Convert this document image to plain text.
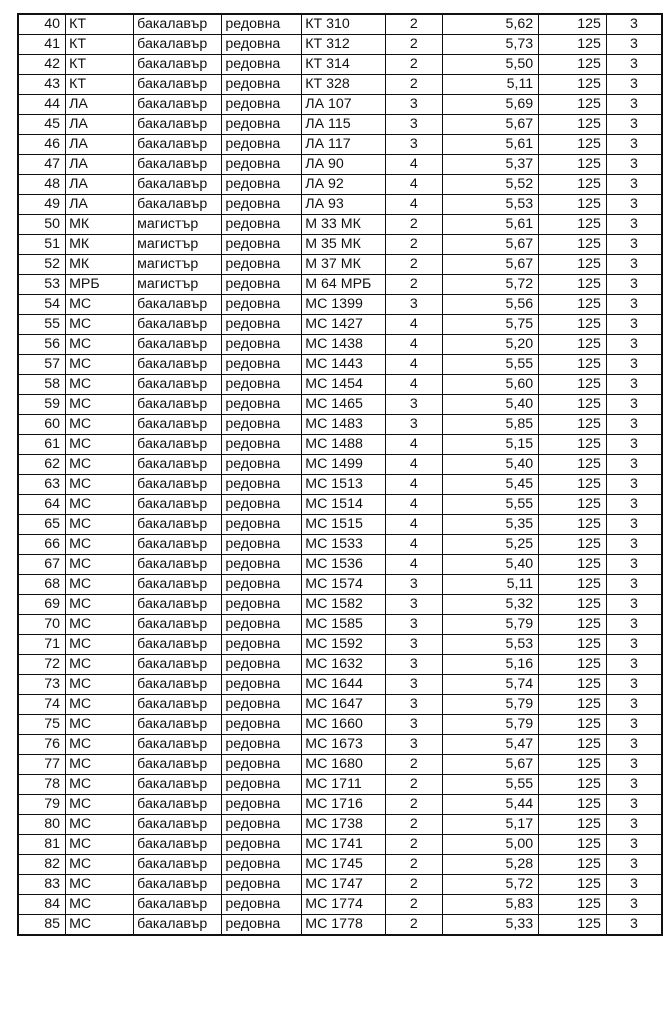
40	КТ	бакалавър	редовна	КТ 310	2	5,62	125	3
41	КТ	бакалавър	редовна	КТ 312	2	5,73	125	3
42	КТ	бакалавър	редовна	КТ 314	2	5,50	125	3
43	КТ	бакалавър	редовна	КТ 328	2	5,11	125	3
44	ЛА	бакалавър	редовна	ЛА 107	3	5,69	125	3
45	ЛА	бакалавър	редовна	ЛА 115	3	5,67	125	3
46	ЛА	бакалавър	редовна	ЛА 117	3	5,61	125	3
47	ЛА	бакалавър	редовна	ЛА 90	4	5,37	125	3
48	ЛА	бакалавър	редовна	ЛА 92	4	5,52	125	3
49	ЛА	бакалавър	редовна	ЛА 93	4	5,53	125	3
50	МК	магистър	редовна	М 33 МК	2	5,61	125	3
51	МК	магистър	редовна	М 35 МК	2	5,67	125	3
52	МК	магистър	редовна	М 37 МК	2	5,67	125	3
53	МРБ	магистър	редовна	М 64 МРБ	2	5,72	125	3
54	МС	бакалавър	редовна	МС 1399	3	5,56	125	3
55	МС	бакалавър	редовна	МС 1427	4	5,75	125	3
56	МС	бакалавър	редовна	МС 1438	4	5,20	125	3
57	МС	бакалавър	редовна	МС 1443	4	5,55	125	3
58	МС	бакалавър	редовна	МС 1454	4	5,60	125	3
59	МС	бакалавър	редовна	МС 1465	3	5,40	125	3
60	МС	бакалавър	редовна	МС 1483	3	5,85	125	3
61	МС	бакалавър	редовна	МС 1488	4	5,15	125	3
62	МС	бакалавър	редовна	МС 1499	4	5,40	125	3
63	МС	бакалавър	редовна	МС 1513	4	5,45	125	3
64	МС	бакалавър	редовна	МС 1514	4	5,55	125	3
65	МС	бакалавър	редовна	МС 1515	4	5,35	125	3
66	МС	бакалавър	редовна	МС 1533	4	5,25	125	3
67	МС	бакалавър	редовна	МС 1536	4	5,40	125	3
68	МС	бакалавър	редовна	МС 1574	3	5,11	125	3
69	МС	бакалавър	редовна	МС 1582	3	5,32	125	3
70	МС	бакалавър	редовна	МС 1585	3	5,79	125	3
71	МС	бакалавър	редовна	МС 1592	3	5,53	125	3
72	МС	бакалавър	редовна	МС 1632	3	5,16	125	3
73	МС	бакалавър	редовна	МС 1644	3	5,74	125	3
74	МС	бакалавър	редовна	МС 1647	3	5,79	125	3
75	МС	бакалавър	редовна	МС 1660	3	5,79	125	3
76	МС	бакалавър	редовна	МС 1673	3	5,47	125	3
77	МС	бакалавър	редовна	МС 1680	2	5,67	125	3
78	МС	бакалавър	редовна	МС 1711	2	5,55	125	3
79	МС	бакалавър	редовна	МС 1716	2	5,44	125	3
80	МС	бакалавър	редовна	МС 1738	2	5,17	125	3
81	МС	бакалавър	редовна	МС 1741	2	5,00	125	3
82	МС	бакалавър	редовна	МС 1745	2	5,28	125	3
83	МС	бакалавър	редовна	МС 1747	2	5,72	125	3
84	МС	бакалавър	редовна	МС 1774	2	5,83	125	3
85	МС	бакалавър	редовна	МС 1778	2	5,33	125	3
